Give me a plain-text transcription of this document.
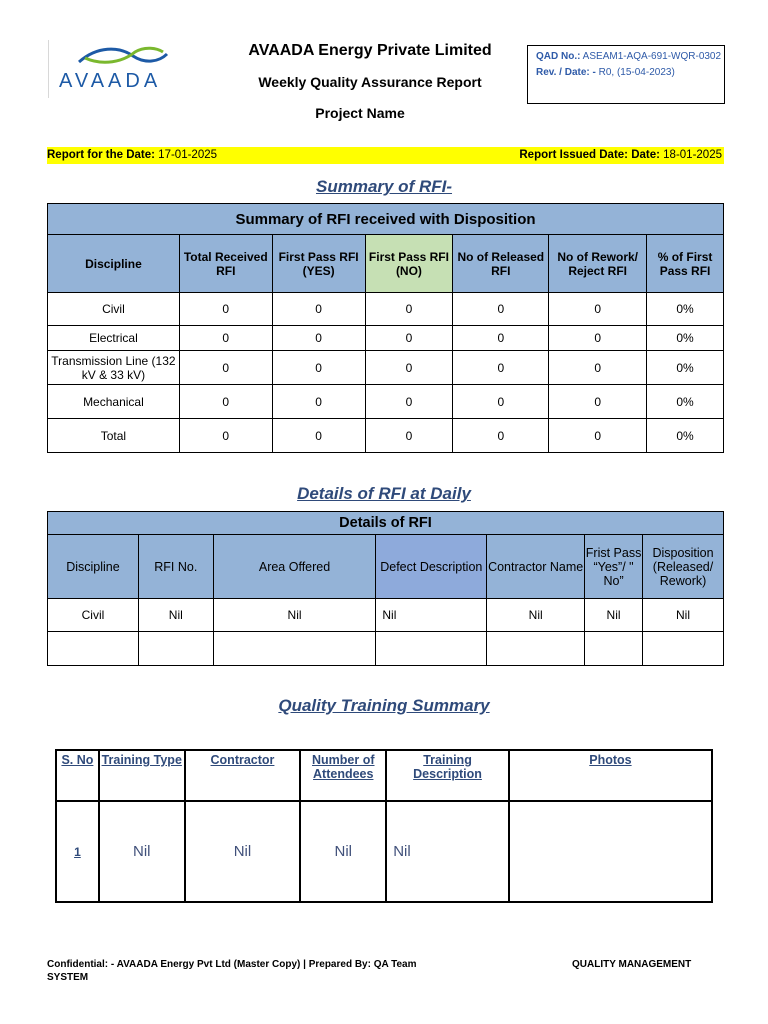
AVAADA
AVAADA Energy Private Limited
Weekly Quality Assurance Report
Project Name
QAD No.: ASEAM1-AQA-691-WQR-0302
Rev. / Date: - R0, (15-04-2023)
Report for the Date: 17-01-2025	Report Issued Date: Date: 18-01-2025
Summary of RFI-
Summary of RFI received with Disposition						
Discipline	Total Received RFI	First Pass RFI (YES)	First Pass RFI (NO)	No of Released RFI	No of Rework/ Reject RFI	% of First Pass RFI
Civil	0	0	0	0	0	0%
Electrical	0	0	0	0	0	0%
Transmission Line (132 kV & 33 kV)	0	0	0	0	0	0%
Mechanical	0	0	0	0	0	0%
Total	0	0	0	0	0	0%
Details of RFI at Daily
Details of RFI						
Discipline	RFI No.	Area Offered	Defect Description	Contractor Name	Frist Pass “Yes”/ " No”	Disposition (Released/ Rework)
Civil	Nil	Nil	Nil	Nil	Nil	Nil

Quality Training Summary
S. No	Training Type	Contractor	Number of Attendees	Training Description	Photos
1	Nil	Nil	Nil	Nil	
Confidential: - AVAADA Energy Pvt Ltd (Master Copy) | Prepared By: QA Team
SYSTEM
QUALITY MANAGEMENT
